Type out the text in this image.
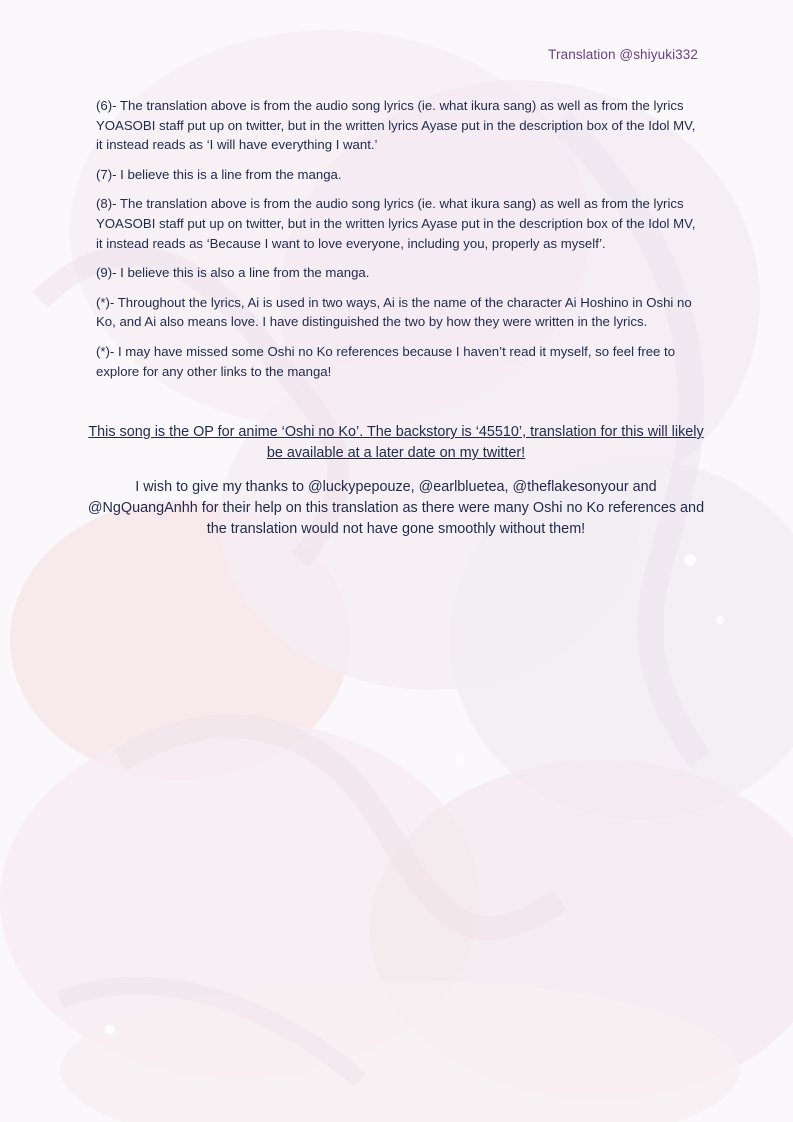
Translation @shiyuki332

(6)- The translation above is from the audio song lyrics (ie. what ikura sang) as well as from the lyrics YOASOBI staff put up on twitter, but in the written lyrics Ayase put in the description box of the Idol MV, it instead reads as ‘I will have everything I want.’

(7)- I believe this is a line from the manga.

(8)- The translation above is from the audio song lyrics (ie. what ikura sang) as well as from the lyrics YOASOBI staff put up on twitter, but in the written lyrics Ayase put in the description box of the Idol MV, it instead reads as ‘Because I want to love everyone, including you, properly as myself’.

(9)- I believe this is also a line from the manga.

(*)- Throughout the lyrics, Ai is used in two ways, Ai is the name of the character Ai Hoshino in Oshi no Ko, and Ai also means love. I have distinguished the two by how they were written in the lyrics.

(*)- I may have missed some Oshi no Ko references because I haven’t read it myself, so feel free to explore for any other links to the manga!

This song is the OP for anime ‘Oshi no Ko’. The backstory is ‘45510’, translation for this will likely be available at a later date on my twitter!

I wish to give my thanks to @luckypepouze, @earlbluetea, @theflakesonyour and @NgQuangAnhh for their help on this translation as there were many Oshi no Ko references and the translation would not have gone smoothly without them!
